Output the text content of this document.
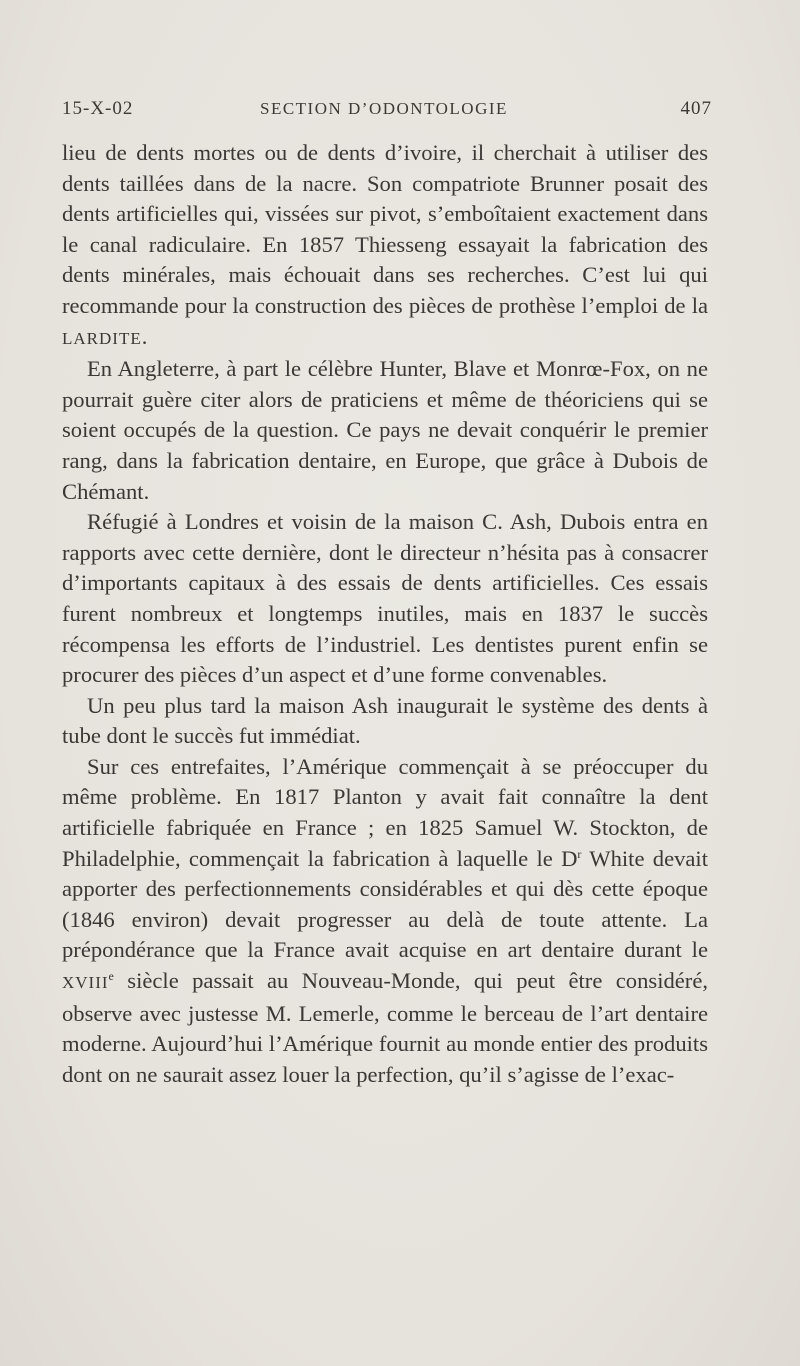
15-X-02	SECTION D’ODONTOLOGIE	407

lieu de dents mortes ou de dents d’ivoire, il cherchait à utiliser des dents taillées dans de la nacre. Son compatriote Brunner posait des dents artificielles qui, vissées sur pivot, s’emboîtaient exactement dans le canal radiculaire. En 1857 Thiesseng essayait la fabrication des dents minérales, mais échouait dans ses recherches. C’est lui qui recommande pour la construction des pièces de prothèse l’emploi de la LARDITE.

En Angleterre, à part le célèbre Hunter, Blave et Monrœ-Fox, on ne pourrait guère citer alors de praticiens et même de théoriciens qui se soient occupés de la question. Ce pays ne devait conquérir le premier rang, dans la fabrication dentaire, en Europe, que grâce à Dubois de Chémant.

Réfugié à Londres et voisin de la maison C. Ash, Dubois entra en rapports avec cette dernière, dont le directeur n’hésita pas à consacrer d’importants capitaux à des essais de dents artificielles. Ces essais furent nombreux et longtemps inutiles, mais en 1837 le succès récompensa les efforts de l’industriel. Les dentistes purent enfin se procurer des pièces d’un aspect et d’une forme convenables.

Un peu plus tard la maison Ash inaugurait le système des dents à tube dont le succès fut immédiat.

Sur ces entrefaites, l’Amérique commençait à se préoccuper du même problème. En 1817 Planton y avait fait connaître la dent artificielle fabriquée en France ; en 1825 Samuel W. Stockton, de Philadelphie, commençait la fabrication à laquelle le $D^r$ White devait apporter des perfectionnements considérables et qui dès cette époque (1846 environ) devait progresser au delà de toute attente. La prépondérance que la France avait acquise en art dentaire durant le XVIIIe siècle passait au Nouveau-Monde, qui peut être considéré, observe avec justesse M. Lemerle, comme le berceau de l’art dentaire moderne. Aujourd’hui l’Amérique fournit au monde entier des produits dont on ne saurait assez louer la perfection, qu’il s’agisse de l’exac-
